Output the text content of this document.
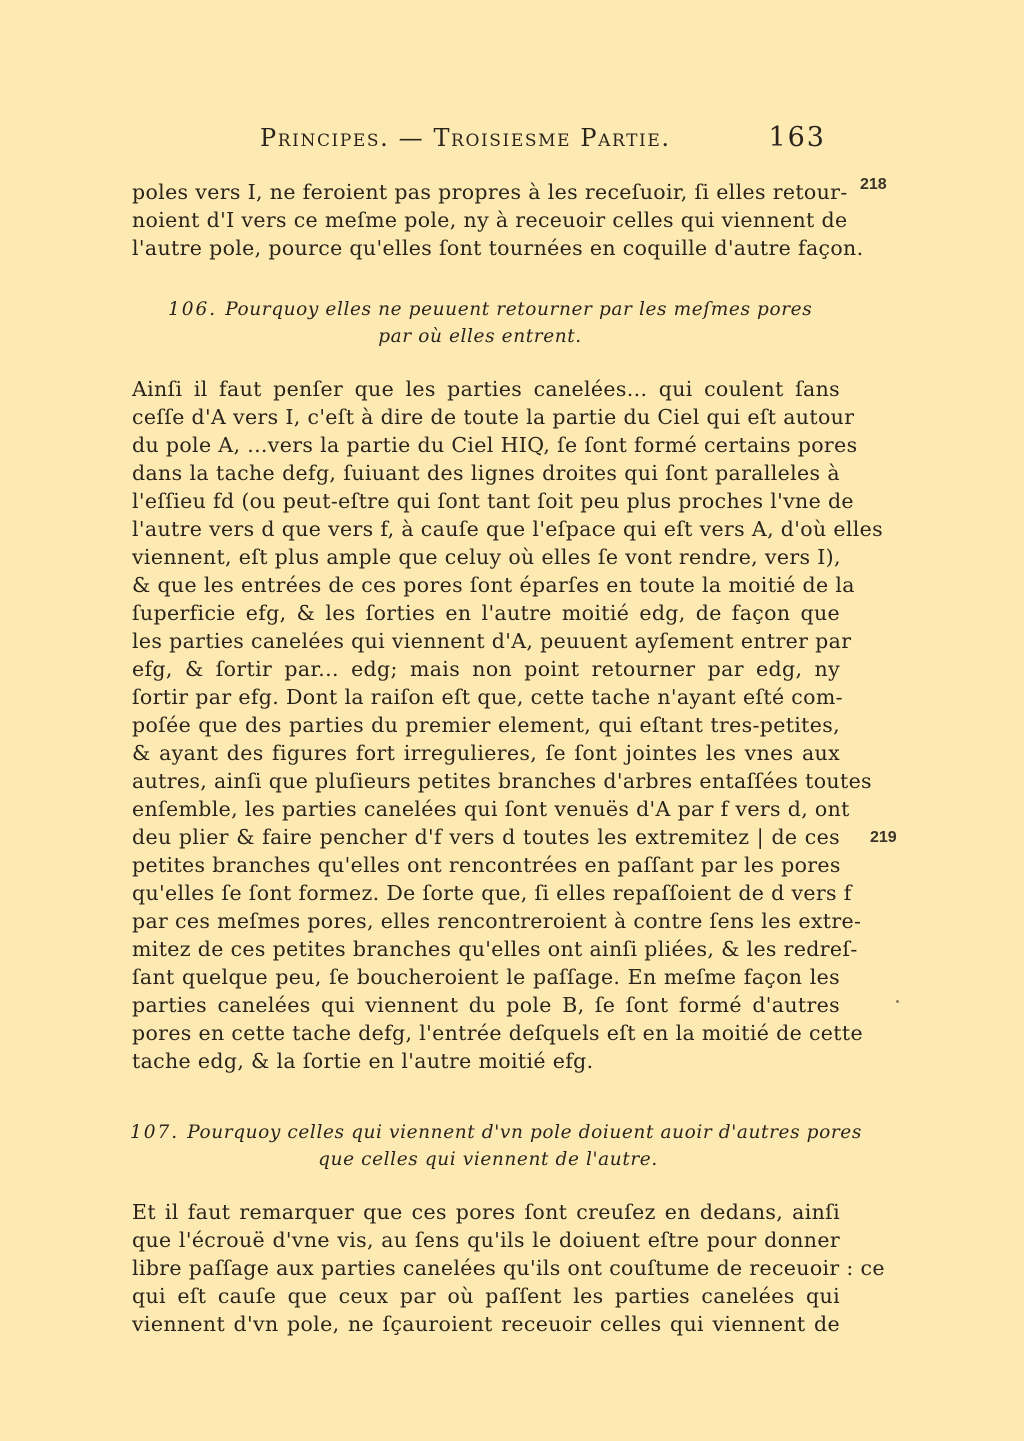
Principes. — Troisiesme Partie.	163
218
219
poles vers I, ne feroient pas propres à les receſuoir, ſi elles retour-
noient d'I vers ce meſme pole, ny à receuoir celles qui viennent de
l'autre pole, pource qu'elles ſont tournées en coquille d'autre façon.
106. Pourquoy elles ne peuuent retourner par les meſmes pores
par où elles entrent.
Ainſi il faut penſer que les parties canelées... qui coulent ſans
ceſſe d'A vers I, c'eſt à dire de toute la partie du Ciel qui eſt autour
du pole A, ...vers la partie du Ciel HIQ, ſe ſont formé certains pores
dans la tache defg, ſuiuant des lignes droites qui ſont paralleles à
l'eſſieu fd (ou peut-eſtre qui ſont tant ſoit peu plus proches l'vne de
l'autre vers d que vers f, à cauſe que l'eſpace qui eſt vers A, d'où elles
viennent, eſt plus ample que celuy où elles ſe vont rendre, vers I),
& que les entrées de ces pores ſont éparſes en toute la moitié de la
ſuperficie efg, & les ſorties en l'autre moitié edg, de façon que
les parties canelées qui viennent d'A, peuuent ayſement entrer par
efg, & ſortir par... edg; mais non point retourner par edg, ny
ſortir par efg. Dont la raiſon eſt que, cette tache n'ayant eſté com-
poſée que des parties du premier element, qui eſtant tres-petites,
& ayant des figures fort irregulieres, ſe ſont jointes les vnes aux
autres, ainſi que pluſieurs petites branches d'arbres entaſſées toutes
enſemble, les parties canelées qui ſont venuës d'A par f vers d, ont
deu plier & faire pencher d'f vers d toutes les extremitez | de ces
petites branches qu'elles ont rencontrées en paſſant par les pores
qu'elles ſe ſont formez. De ſorte que, ſi elles repaſſoient de d vers f
par ces meſmes pores, elles rencontreroient à contre ſens les extre-
mitez de ces petites branches qu'elles ont ainſi pliées, & les redreſ-
ſant quelque peu, ſe boucheroient le paſſage. En meſme façon les
parties canelées qui viennent du pole B, ſe ſont formé d'autres
pores en cette tache defg, l'entrée deſquels eſt en la moitié de cette
tache edg, & la ſortie en l'autre moitié efg.
107. Pourquoy celles qui viennent d'vn pole doiuent auoir d'autres pores
que celles qui viennent de l'autre.
Et il faut remarquer que ces pores ſont creuſez en dedans, ainſi
que l'écrouë d'vne vis, au ſens qu'ils le doiuent eſtre pour donner
libre paſſage aux parties canelées qu'ils ont couſtume de receuoir : ce
qui eſt cauſe que ceux par où paſſent les parties canelées qui
viennent d'vn pole, ne ſçauroient receuoir celles qui viennent de
